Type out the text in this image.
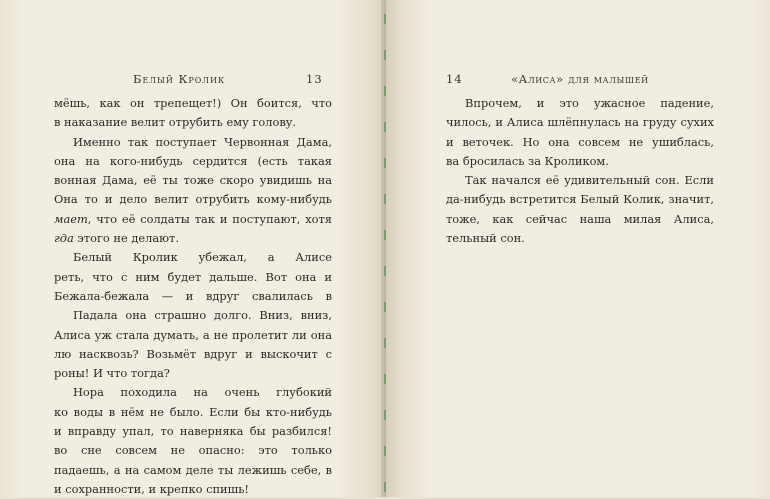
Белый Кролик	13
мёшь, как он трепещет!) Он боится, что
в наказание велит отрубить ему голову.
Именно так поступает Червонная Дама,
она на кого-нибудь сердится (есть такая
вонная Дама, её ты тоже скоро увидишь на
Она то и дело велит отрубить кому-нибудь
мает, что её солдаты так и поступают, хотя
гда этого не делают.
Белый Кролик убежал, а Алисе
реть, что с ним будет дальше. Вот она и
Бежала-бежала — и вдруг свалилась в
Падала она страшно долго. Вниз, вниз,
Алиса уж стала думать, а не пролетит ли она
лю насквозь? Возьмёт вдруг и выскочит с
роны! И что тогда?
Нора походила на очень глубокий
ко воды в нём не было. Если бы кто-нибудь
и вправду упал, то наверняка бы разбился!
во сне совсем не опасно: это только
падаешь, а на самом деле ты лежишь себе, в
и сохранности, и крепко спишь!
14	«Алиса» для малышей
Впрочем, и это ужасное падение,
чилось, и Алиса шлёпнулась на груду сухих
и веточек. Но она совсем не ушиблась,
ва бросилась за Кроликом.
Так начался её удивительный сон. Если
да-нибудь встретится Белый Колик, значит,
тоже, как сейчас наша милая Алиса,
тельный сон.
